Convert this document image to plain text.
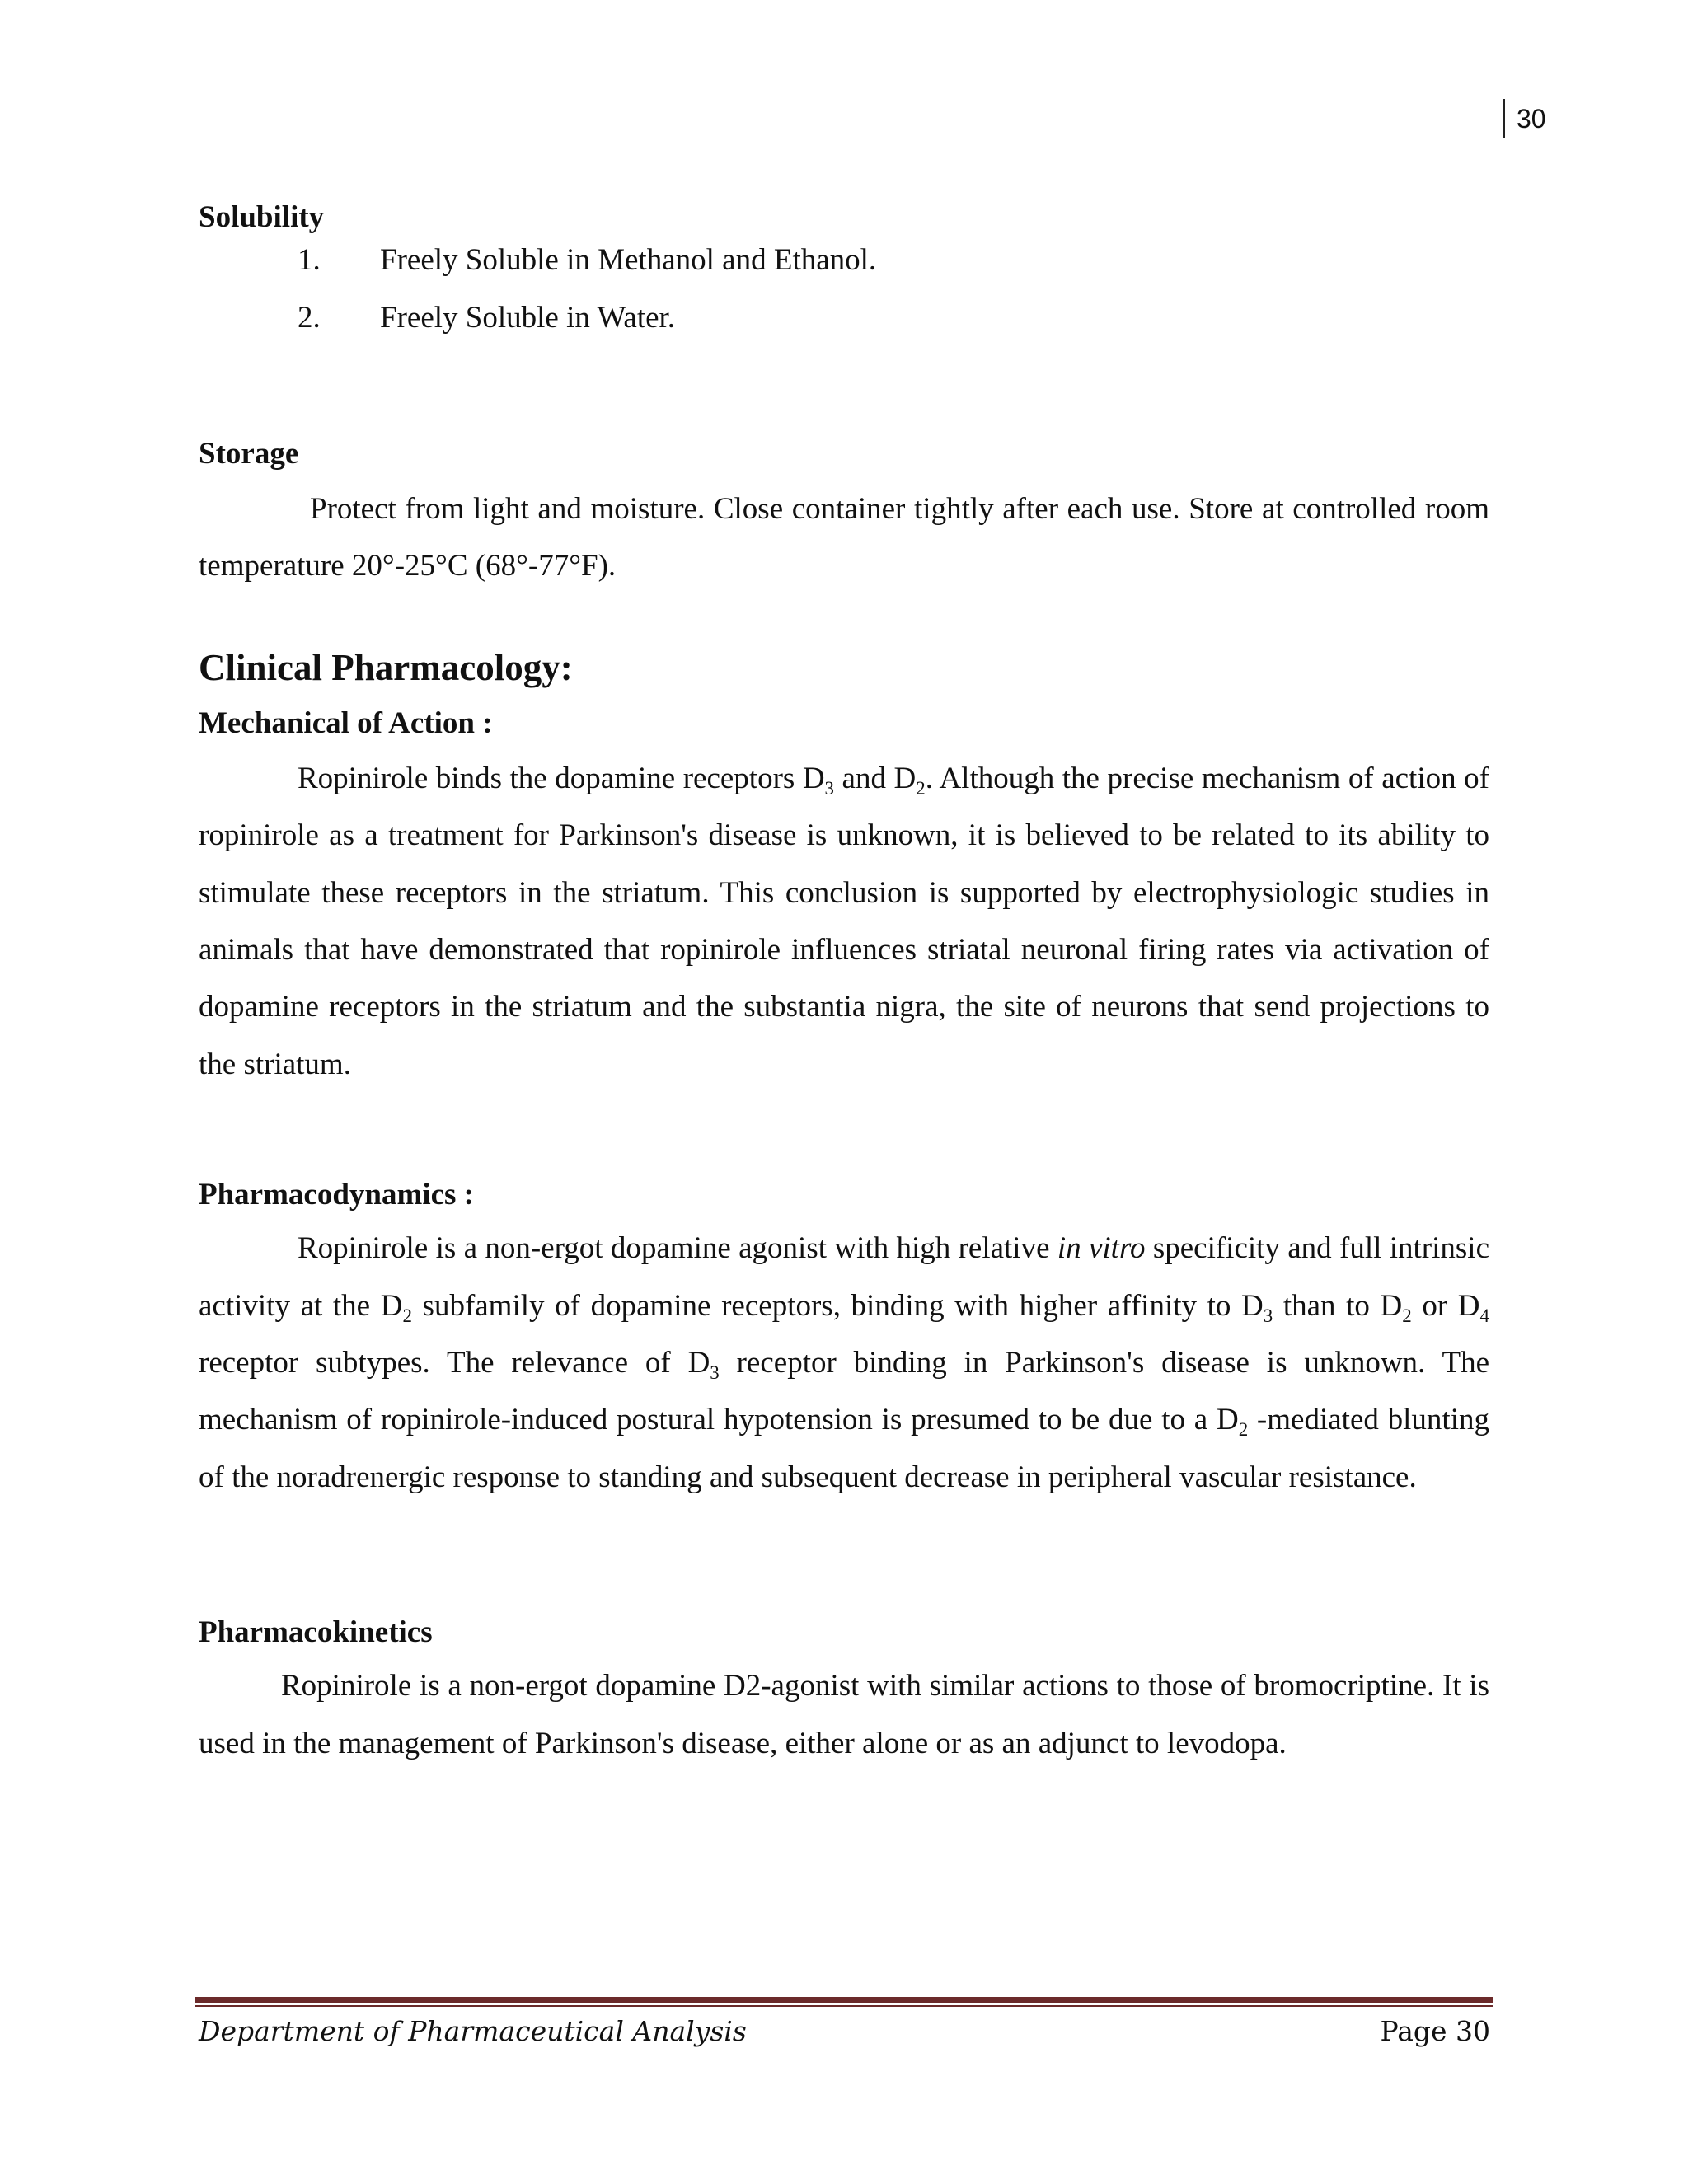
30
Solubility
1. Freely Soluble in Methanol and Ethanol.
2. Freely Soluble in Water.
Storage

Protect from light and moisture. Close container tightly after each use. Store at controlled room temperature 20°-25°C (68°-77°F).

Clinical Pharmacology:
Mechanical of Action :

Ropinirole binds the dopamine receptors $D_3$ and $D_2$. Although the precise mechanism of action of ropinirole as a treatment for Parkinson's disease is unknown, it is believed to be related to its ability to stimulate these receptors in the striatum. This conclusion is supported by electrophysiologic studies in animals that have demonstrated that ropinirole influences striatal neuronal firing rates via activation of dopamine receptors in the striatum and the substantia nigra, the site of neurons that send projections to the striatum.

Pharmacodynamics :

Ropinirole is a non-ergot dopamine agonist with high relative in vitro specificity and full intrinsic activity at the $D_2$ subfamily of dopamine receptors, binding with higher affinity to $D_3$ than to $D_2$ or $D_4$ receptor subtypes. The relevance of $D_3$ receptor binding in Parkinson's disease is unknown. The mechanism of ropinirole-induced postural hypotension is presumed to be due to a $D_2$ -mediated blunting of the noradrenergic response to standing and subsequent decrease in peripheral vascular resistance.

Pharmacokinetics

Ropinirole is a non-ergot dopamine D2-agonist with similar actions to those of bromocriptine. It is used in the management of Parkinson's disease, either alone or as an adjunct to levodopa.

Department of Pharmaceutical Analysis	Page 30
